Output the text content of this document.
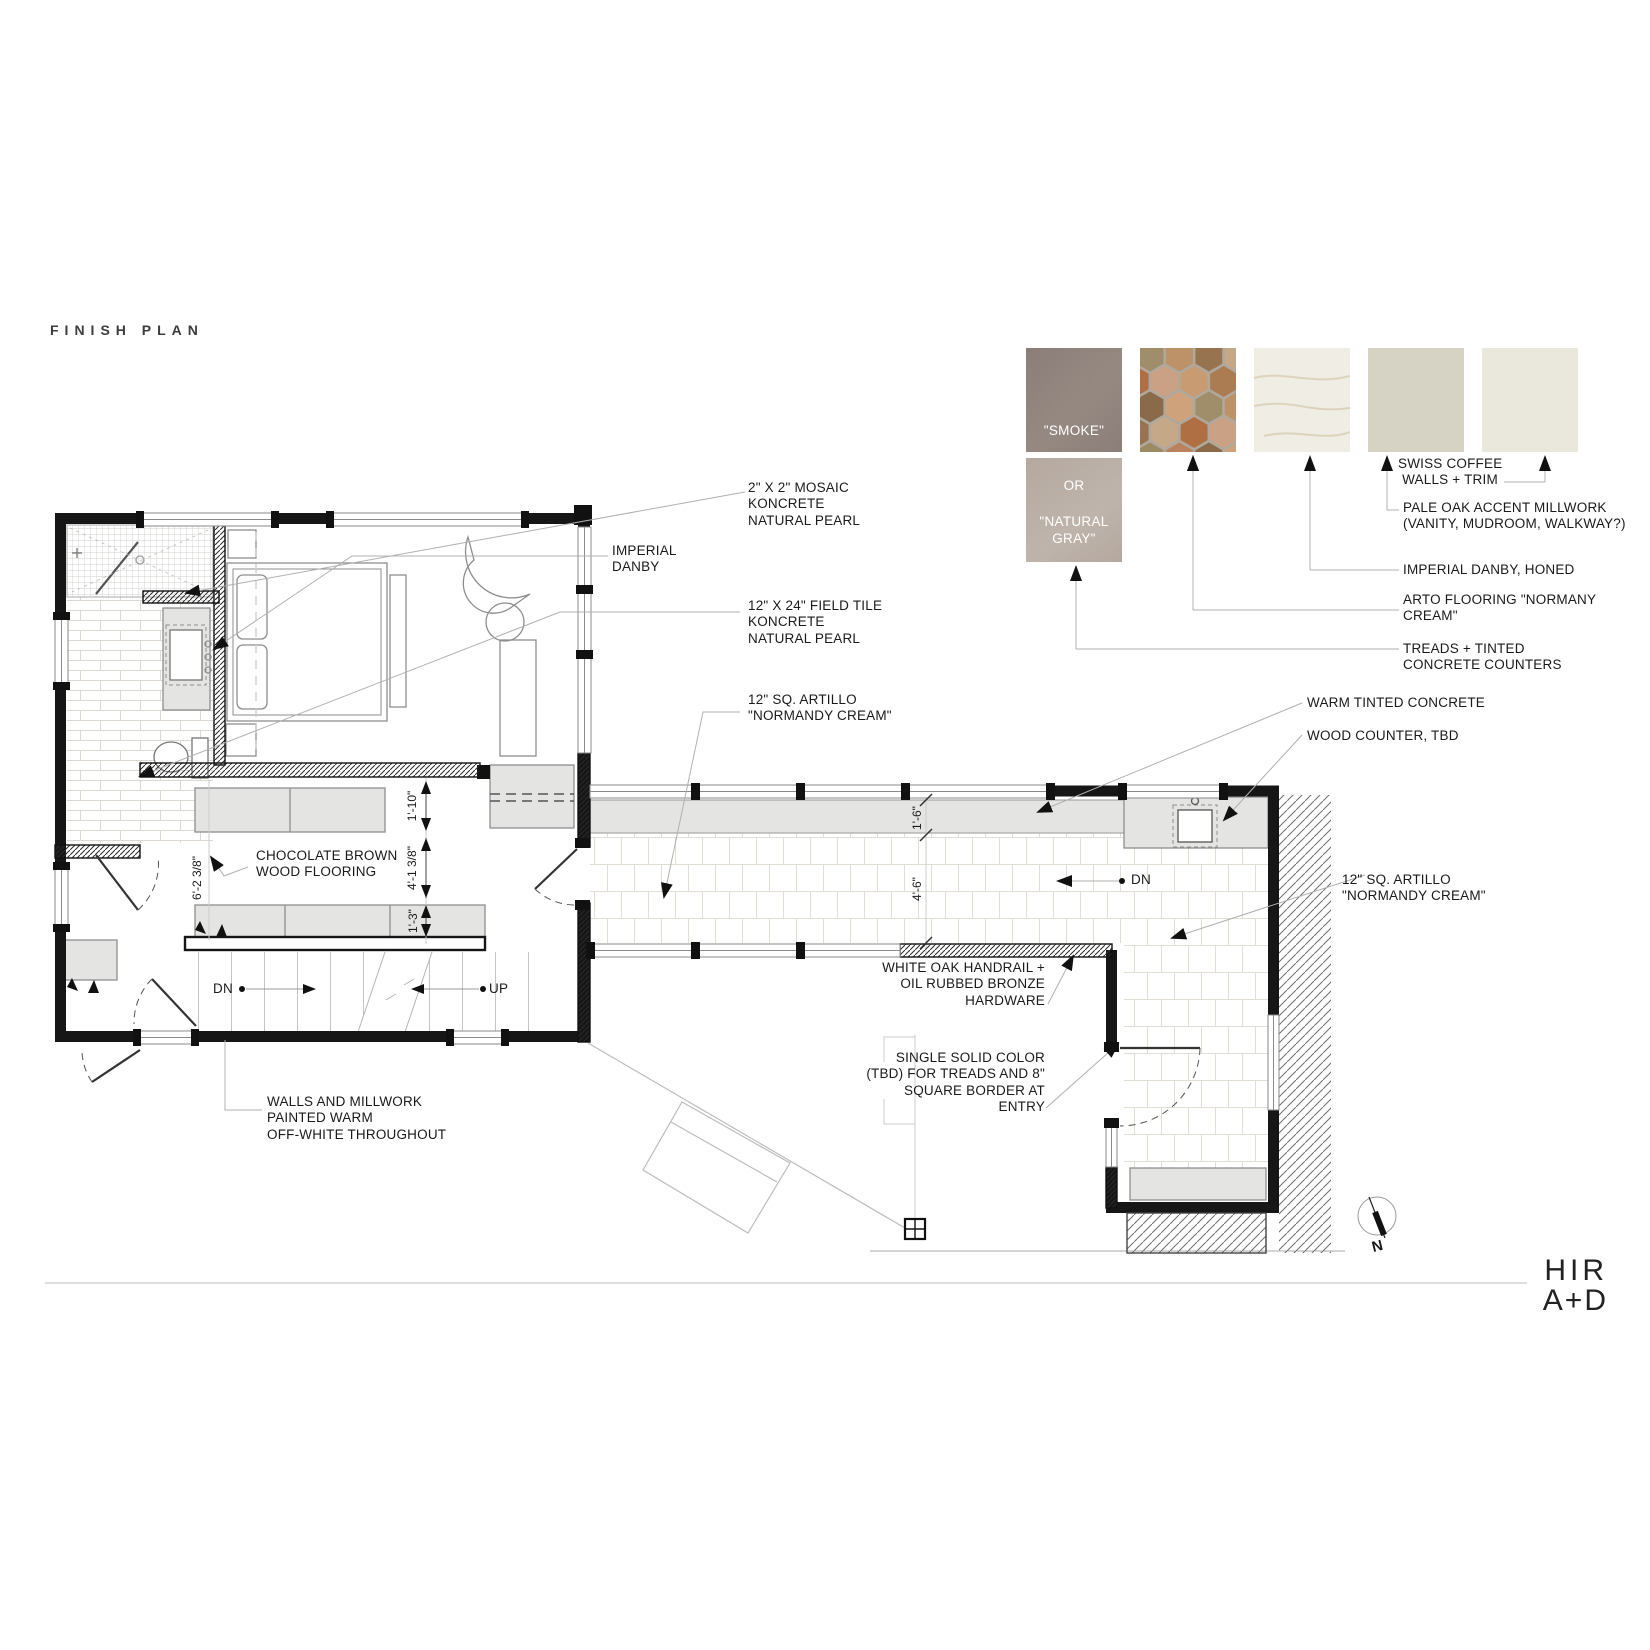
FINISH PLAN
"SMOKE"
OR
"NATURAL GRAY"
SWISS COFFEE
WALLS + TRIM
PALE OAK ACCENT MILLWORK
(VANITY, MUDROOM, WALKWAY?)
IMPERIAL DANBY, HONED
ARTO FLOORING "NORMANY
CREAM"
TREADS + TINTED
CONCRETE COUNTERS
2" X 2" MOSAIC
KONCRETE
NATURAL PEARL
IMPERIAL
DANBY
12" X 24" FIELD TILE
KONCRETE
NATURAL PEARL
12" SQ. ARTILLO
"NORMANDY CREAM"
WARM TINTED CONCRETE
WOOD COUNTER, TBD
CHOCOLATE BROWN
WOOD FLOORING
WALLS AND MILLWORK
PAINTED WARM
OFF-WHITE THROUGHOUT
WHITE OAK HANDRAIL +
OIL RUBBED BRONZE
HARDWARE
SINGLE SOLID COLOR
(TBD) FOR TREADS AND 8"
SQUARE BORDER AT
ENTRY
12" SQ. ARTILLO
"NORMANDY CREAM"
DN	UP
DN
6'-2 3/8"
1'-10"
4'-1 3/8"
1'-3"
1'-6"
4'-6"
N
HIR
A+D
